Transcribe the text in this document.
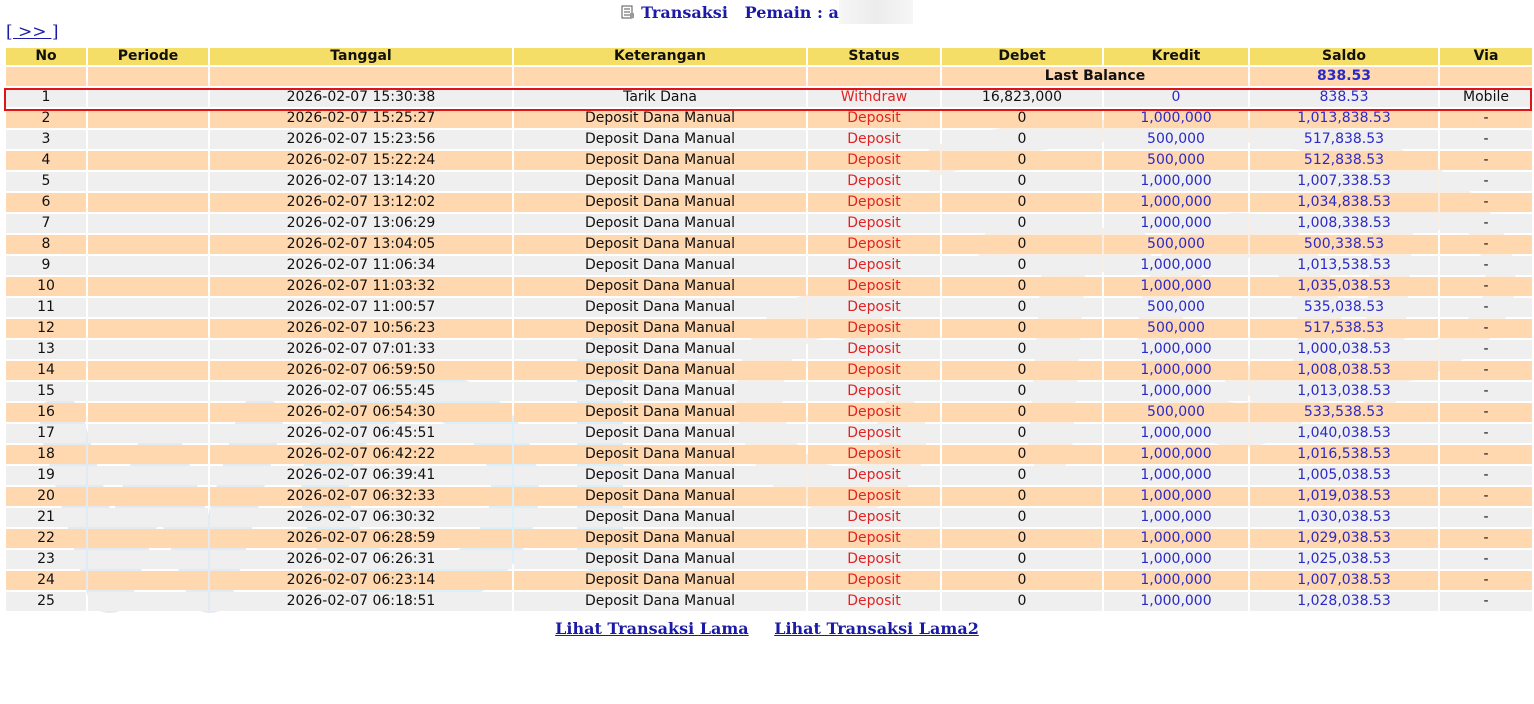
Transaksi Pemain : a
[ >> ]
No	Periode	Tanggal	Keterangan	Status	Debet	Kredit	Saldo	Via
					Last Balance		838.53	
1		2026-02-07 15:30:38	Tarik Dana	Withdraw	16,823,000	0	838.53	Mobile
2		2026-02-07 15:25:27	Deposit Dana Manual	Deposit	0	1,000,000	1,013,838.53	-
3		2026-02-07 15:23:56	Deposit Dana Manual	Deposit	0	500,000	517,838.53	-
4		2026-02-07 15:22:24	Deposit Dana Manual	Deposit	0	500,000	512,838.53	-
5		2026-02-07 13:14:20	Deposit Dana Manual	Deposit	0	1,000,000	1,007,338.53	-
6		2026-02-07 13:12:02	Deposit Dana Manual	Deposit	0	1,000,000	1,034,838.53	-
7		2026-02-07 13:06:29	Deposit Dana Manual	Deposit	0	1,000,000	1,008,338.53	-
8		2026-02-07 13:04:05	Deposit Dana Manual	Deposit	0	500,000	500,338.53	-
9		2026-02-07 11:06:34	Deposit Dana Manual	Deposit	0	1,000,000	1,013,538.53	-
10		2026-02-07 11:03:32	Deposit Dana Manual	Deposit	0	1,000,000	1,035,038.53	-
11		2026-02-07 11:00:57	Deposit Dana Manual	Deposit	0	500,000	535,038.53	-
12		2026-02-07 10:56:23	Deposit Dana Manual	Deposit	0	500,000	517,538.53	-
13		2026-02-07 07:01:33	Deposit Dana Manual	Deposit	0	1,000,000	1,000,038.53	-
14		2026-02-07 06:59:50	Deposit Dana Manual	Deposit	0	1,000,000	1,008,038.53	-
15		2026-02-07 06:55:45	Deposit Dana Manual	Deposit	0	1,000,000	1,013,038.53	-
16		2026-02-07 06:54:30	Deposit Dana Manual	Deposit	0	500,000	533,538.53	-
17		2026-02-07 06:45:51	Deposit Dana Manual	Deposit	0	1,000,000	1,040,038.53	-
18		2026-02-07 06:42:22	Deposit Dana Manual	Deposit	0	1,000,000	1,016,538.53	-
19		2026-02-07 06:39:41	Deposit Dana Manual	Deposit	0	1,000,000	1,005,038.53	-
20		2026-02-07 06:32:33	Deposit Dana Manual	Deposit	0	1,000,000	1,019,038.53	-
21		2026-02-07 06:30:32	Deposit Dana Manual	Deposit	0	1,000,000	1,030,038.53	-
22		2026-02-07 06:28:59	Deposit Dana Manual	Deposit	0	1,000,000	1,029,038.53	-
23		2026-02-07 06:26:31	Deposit Dana Manual	Deposit	0	1,000,000	1,025,038.53	-
24		2026-02-07 06:23:14	Deposit Dana Manual	Deposit	0	1,000,000	1,007,038.53	-
25		2026-02-07 06:18:51	Deposit Dana Manual	Deposit	0	1,000,000	1,028,038.53	-
Lihat Transaksi Lama Lihat Transaksi Lama2
